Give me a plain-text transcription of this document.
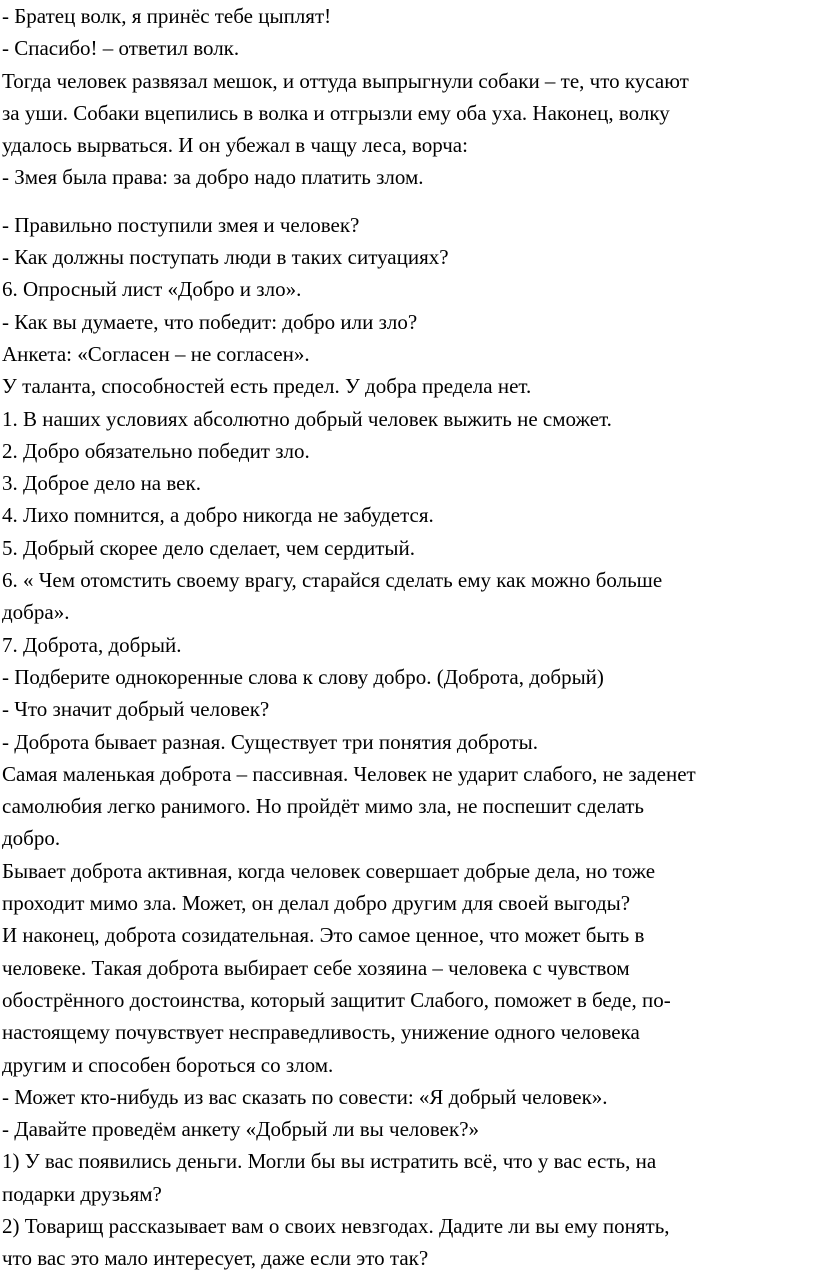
- Братец волк, я принёс тебе цыплят!
- Спасибо! – ответил волк.
Тогда человек развязал мешок, и оттуда выпрыгнули собаки – те, что кусают
за уши. Собаки вцепились в волка и отгрызли ему оба уха. Наконец, волку
удалось вырваться. И он убежал в чащу леса, ворча:
- Змея была права: за добро надо платить злом.
- Правильно поступили змея и человек?
- Как должны поступать люди в таких ситуациях?
6. Опросный лист «Добро и зло».
- Как вы думаете, что победит: добро или зло?
Анкета: «Согласен – не согласен».
У таланта, способностей есть предел. У добра предела нет.
1. В наших условиях абсолютно добрый человек выжить не сможет.
2. Добро обязательно победит зло.
3. Доброе дело на век.
4. Лихо помнится, а добро никогда не забудется.
5. Добрый скорее дело сделает, чем сердитый.
6. « Чем отомстить своему врагу, старайся сделать ему как можно больше
добра».
7. Доброта, добрый.
- Подберите однокоренные слова к слову добро. (Доброта, добрый)
- Что значит добрый человек?
- Доброта бывает разная. Существует три понятия доброты.
Самая маленькая доброта – пассивная. Человек не ударит слабого, не заденет
самолюбия легко ранимого. Но пройдёт мимо зла, не поспешит сделать
добро.
Бывает доброта активная, когда человек совершает добрые дела, но тоже
проходит мимо зла. Может, он делал добро другим для своей выгоды?
И наконец, доброта созидательная. Это самое ценное, что может быть в
человеке. Такая доброта выбирает себе хозяина – человека с чувством
обострённого достоинства, который защитит Слабого, поможет в беде, по-
настоящему почувствует несправедливость, унижение одного человека
другим и способен бороться со злом.
- Может кто-нибудь из вас сказать по совести: «Я добрый человек».
- Давайте проведём анкету «Добрый ли вы человек?»
1) У вас появились деньги. Могли бы вы истратить всё, что у вас есть, на
подарки друзьям?
2) Товарищ рассказывает вам о своих невзгодах. Дадите ли вы ему понять,
что вас это мало интересует, даже если это так?
